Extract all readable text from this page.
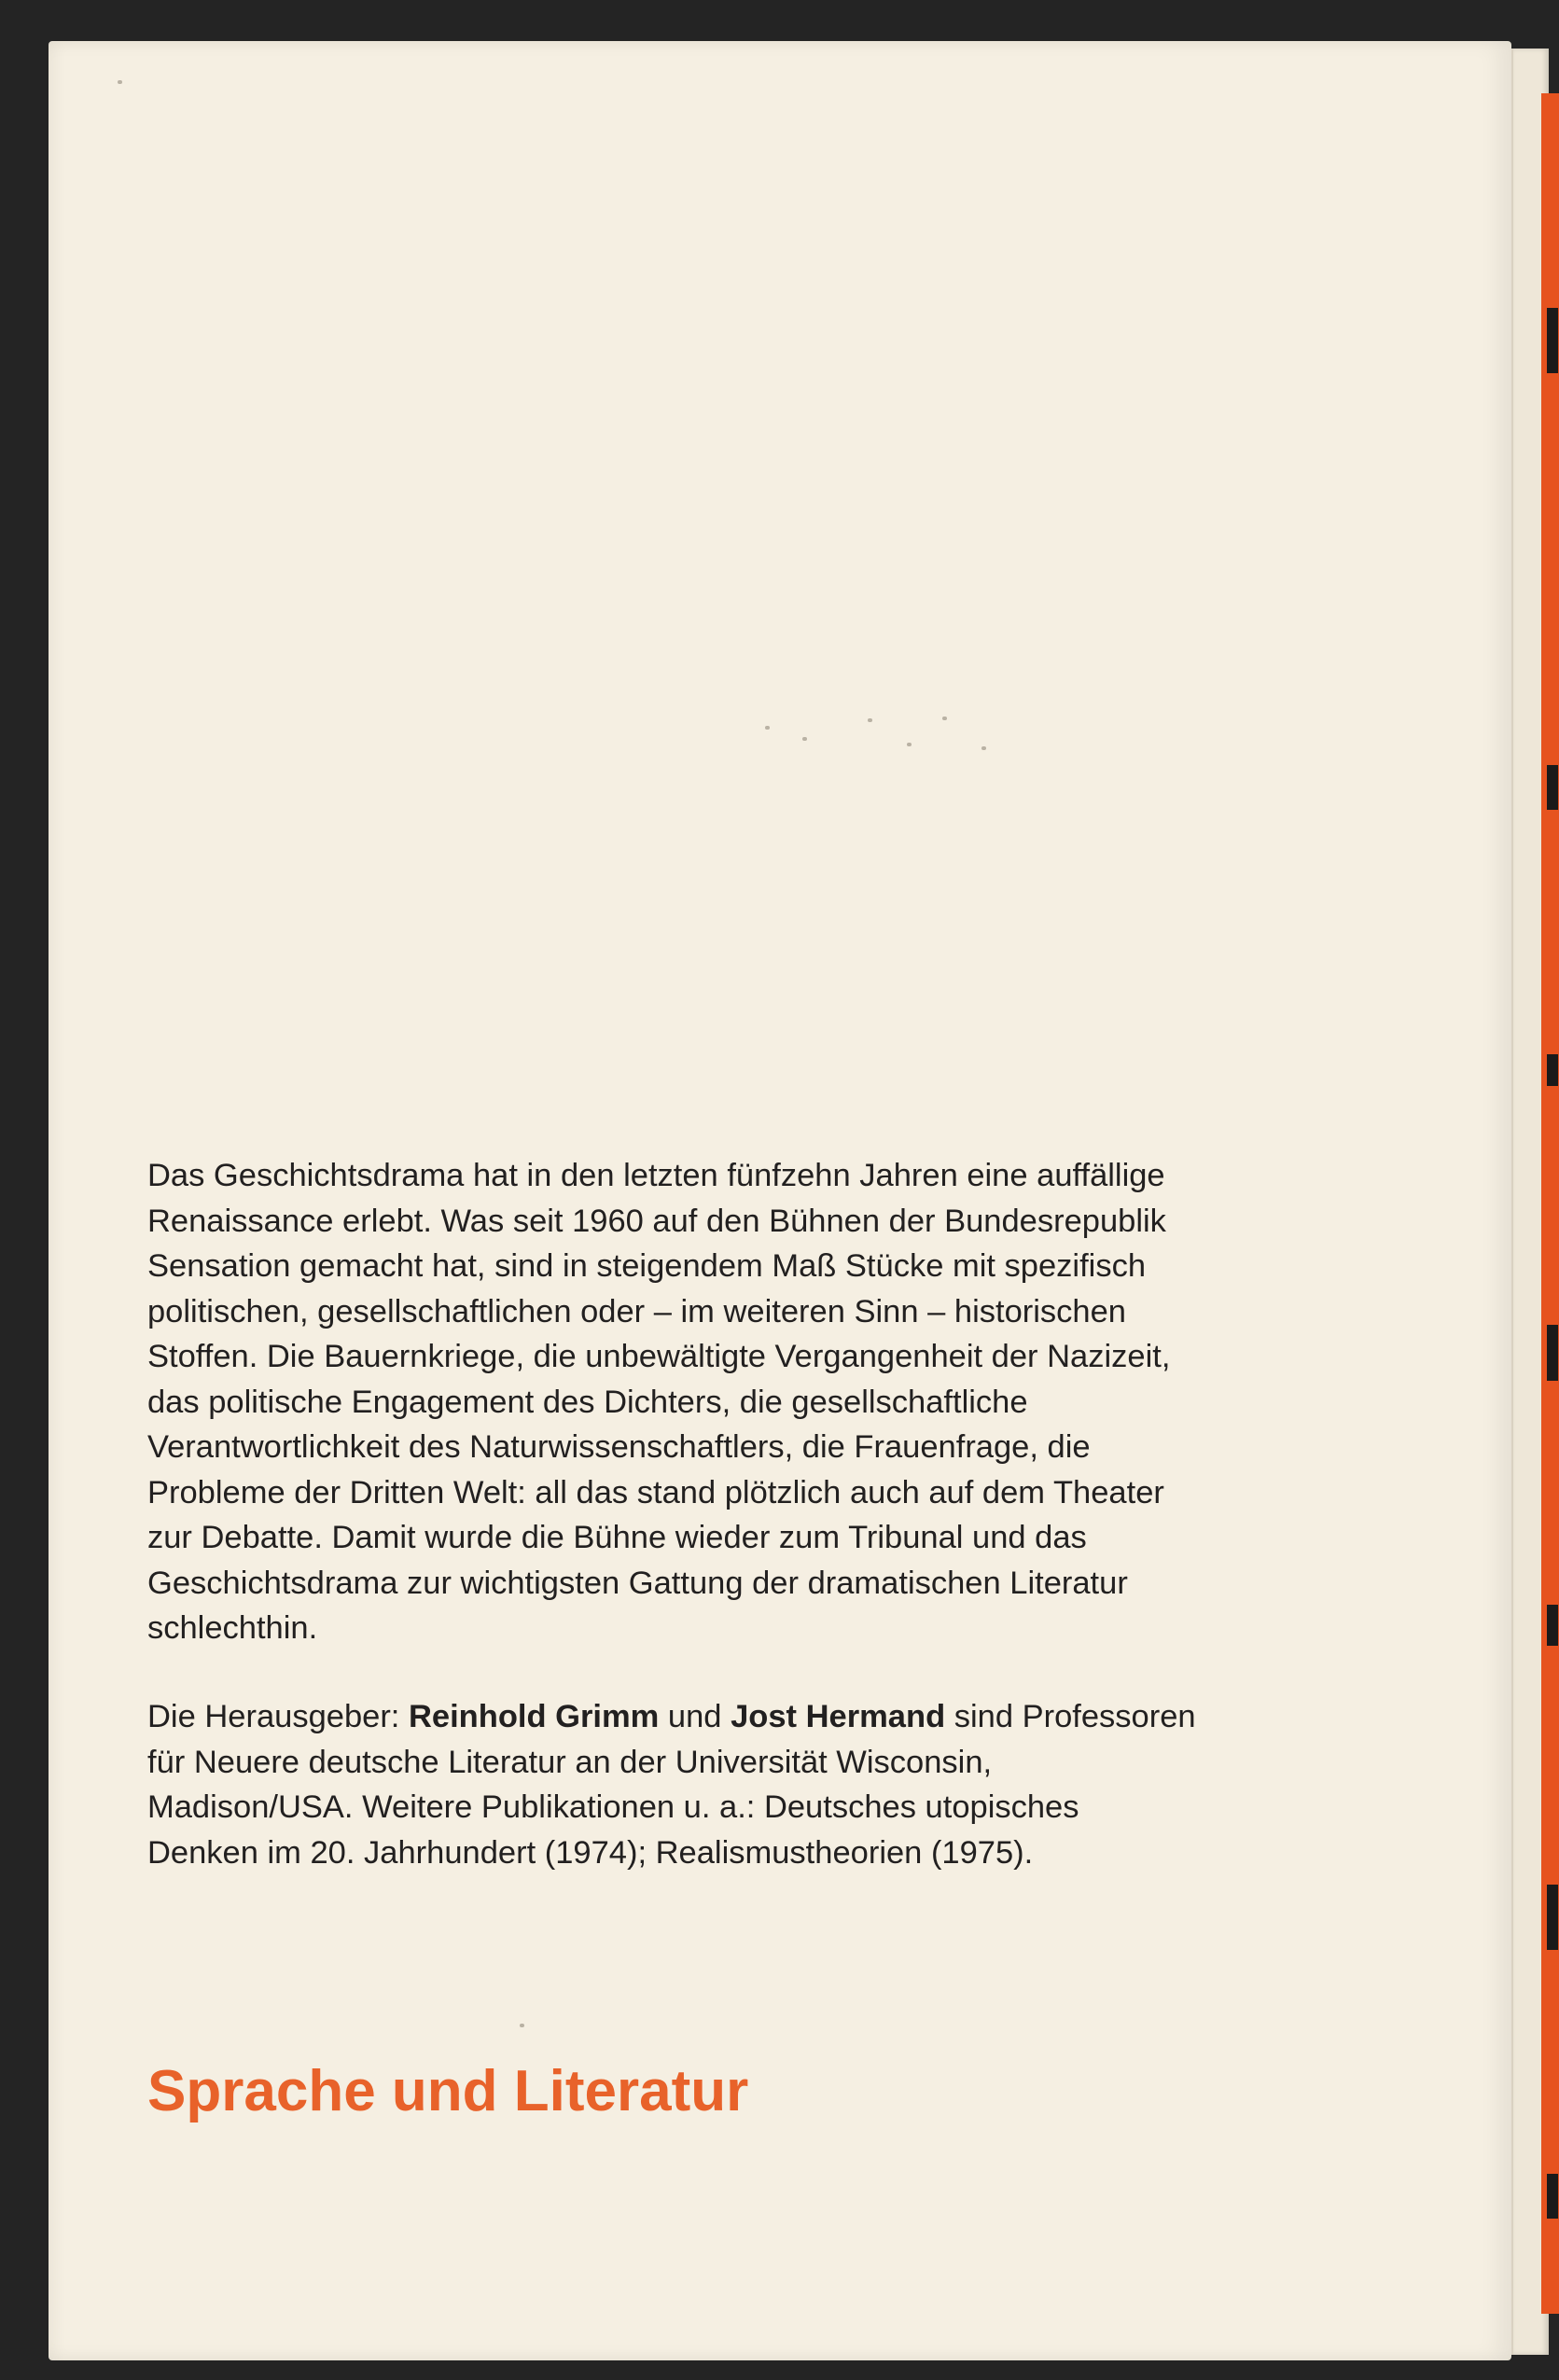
Das Geschichtsdrama hat in den letzten fünfzehn Jahren eine auffällige
Renaissance erlebt. Was seit 1960 auf den Bühnen der Bundesrepublik
Sensation gemacht hat, sind in steigendem Maß Stücke mit spezifisch
politischen, gesellschaftlichen oder – im weiteren Sinn – historischen
Stoffen. Die Bauernkriege, die unbewältigte Vergangenheit der Nazizeit,
das politische Engagement des Dichters, die gesellschaftliche
Verantwortlichkeit des Naturwissenschaftlers, die Frauenfrage, die
Probleme der Dritten Welt: all das stand plötzlich auch auf dem Theater
zur Debatte. Damit wurde die Bühne wieder zum Tribunal und das
Geschichtsdrama zur wichtigsten Gattung der dramatischen Literatur
schlechthin.

Die Herausgeber: Reinhold Grimm und Jost Hermand sind Professoren
für Neuere deutsche Literatur an der Universität Wisconsin,
Madison/USA. Weitere Publikationen u. a.: Deutsches utopisches
Denken im 20. Jahrhundert (1974); Realismustheorien (1975).

Sprache und Literatur
